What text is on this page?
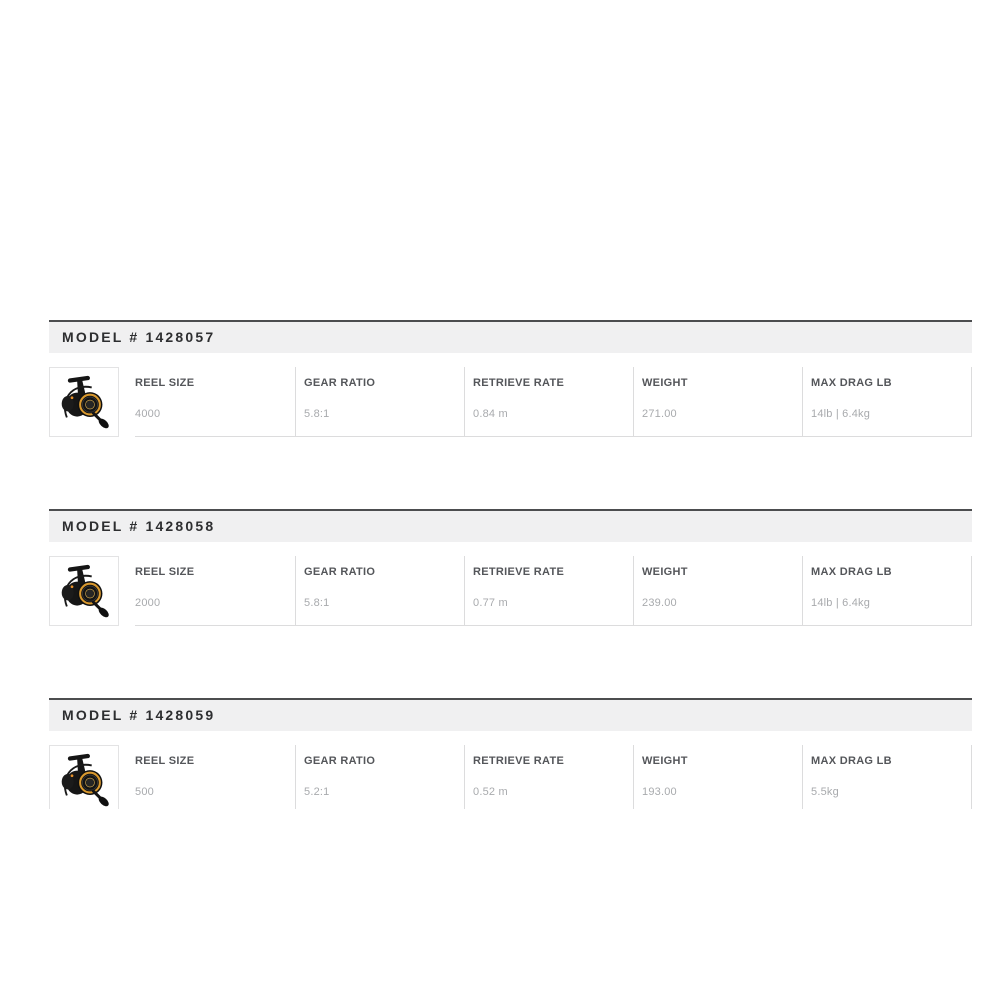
MODEL # 1428057
REEL SIZE
4000
GEAR RATIO
5.8:1
RETRIEVE RATE
0.84 m
WEIGHT
271.00
MAX DRAG LB
14lb | 6.4kg
MODEL # 1428058
REEL SIZE
2000
GEAR RATIO
5.8:1
RETRIEVE RATE
0.77 m
WEIGHT
239.00
MAX DRAG LB
14lb | 6.4kg
MODEL # 1428059
REEL SIZE
500
GEAR RATIO
5.2:1
RETRIEVE RATE
0.52 m
WEIGHT
193.00
MAX DRAG LB
5.5kg
